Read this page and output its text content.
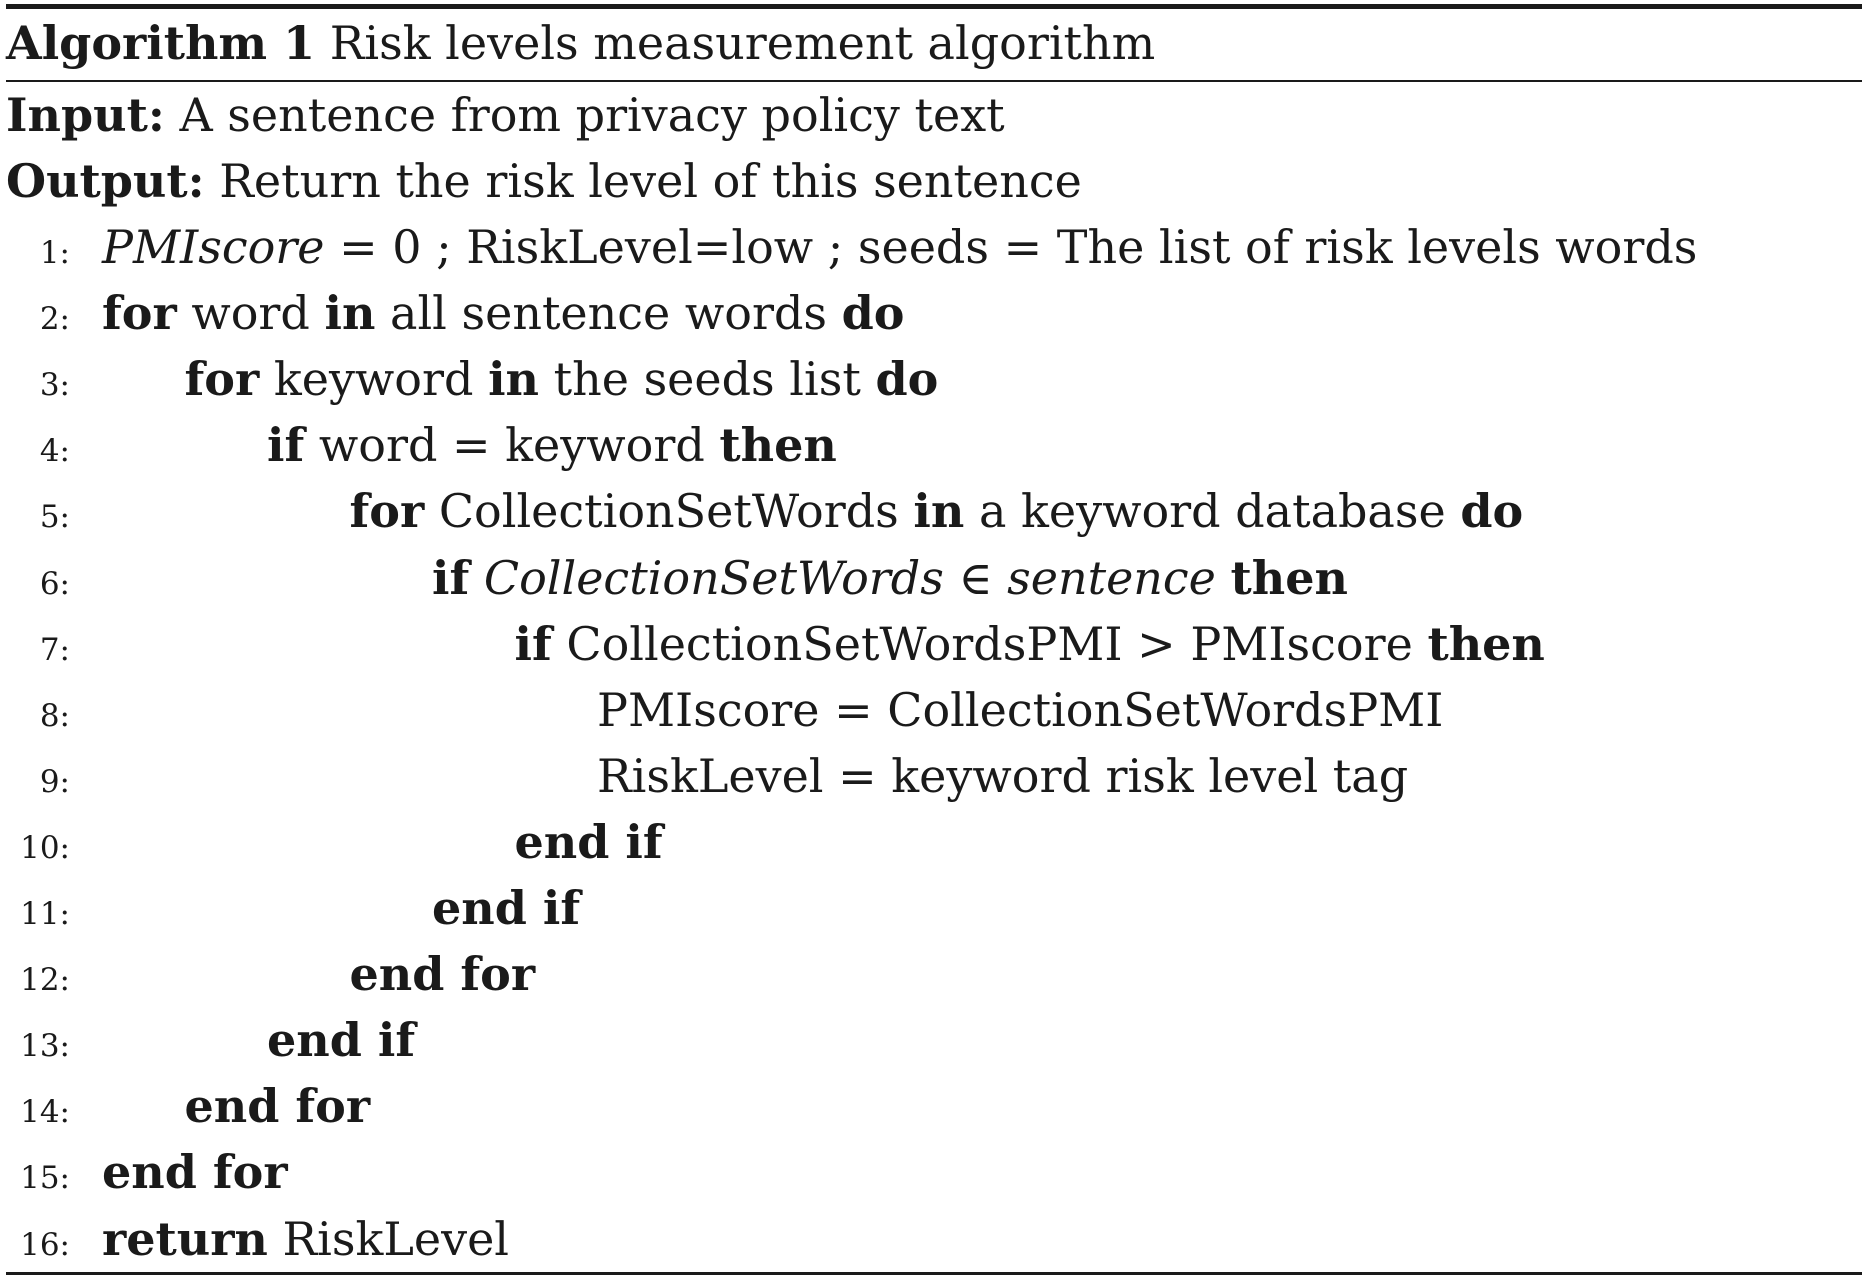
Algorithm 1 Risk levels measurement algorithm
Input: A sentence from privacy policy text
Output: Return the risk level of this sentence
1: PMIscore = 0 ; RiskLevel=low ; seeds = The list of risk levels words
2: for word in all sentence words do
3: for keyword in the seeds list do
4:	if word = keyword then
5:	for CollectionSetWords in a keyword database do
6:	if CollectionSetWords ∈ sentence then
7:	if CollectionSetWordsPMI > PMIscore then
8:	PMIscore = CollectionSetWordsPMI
9:	RiskLevel = keyword risk level tag
10:	end if
11:	end if
12:	end for
13:	end if
14: end for
15: end for
16: return RiskLevel
